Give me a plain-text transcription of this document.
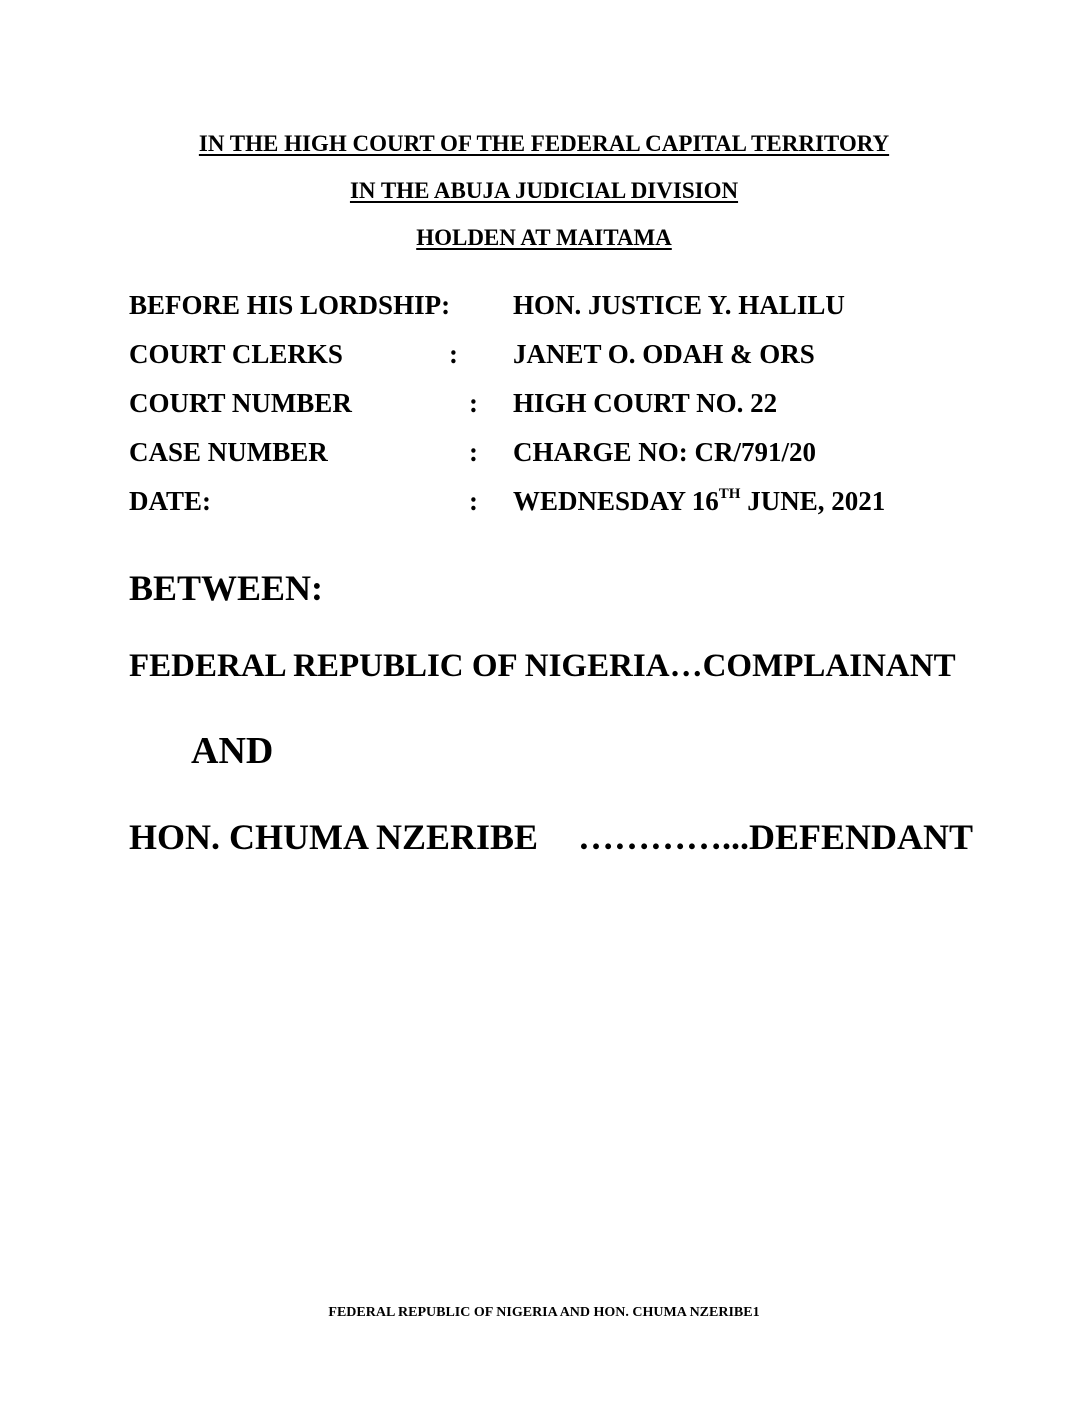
IN THE HIGH COURT OF THE FEDERAL CAPITAL TERRITORY
IN THE ABUJA JUDICIAL DIVISION
HOLDEN AT MAITAMA
BEFORE HIS LORDSHIP: HON. JUSTICE Y. HALILU
COURT CLERKS	: JANET O. ODAH & ORS
COURT NUMBER	: HIGH COURT NO. 22
CASE NUMBER	: CHARGE NO: CR/791/20
DATE:	: WEDNESDAY 16TH JUNE, 2021
BETWEEN:
FEDERAL REPUBLIC OF NIGERIA…COMPLAINANT
AND
HON. CHUMA NZERIBE …………...DEFENDANT
FEDERAL REPUBLIC OF NIGERIA AND HON. CHUMA NZERIBE1
